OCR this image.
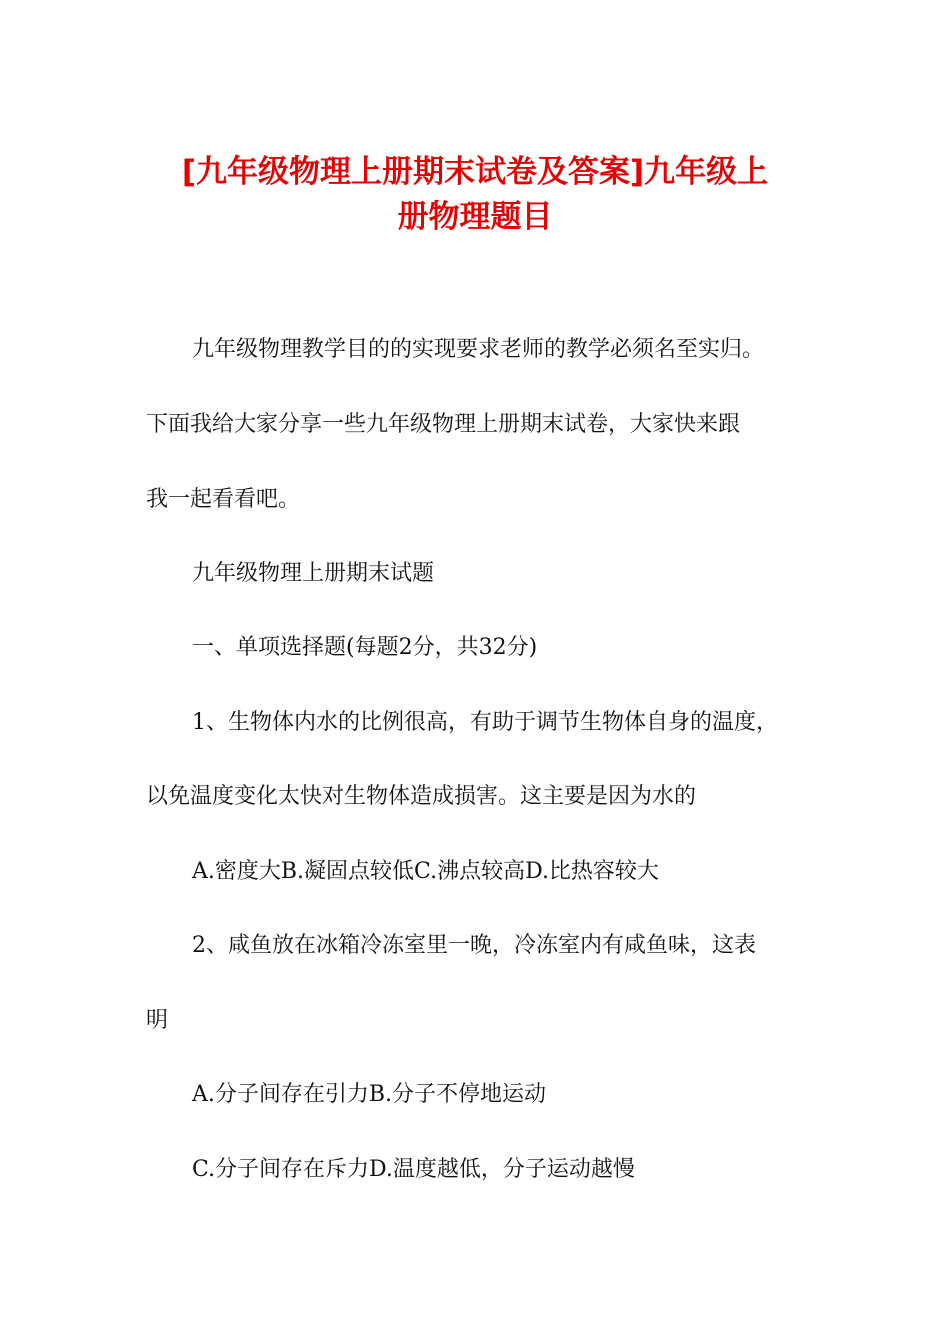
[九年级物理上册期末试卷及答案]九年级上
册物理题目

九年级物理教学目的的实现要求老师的教学必须名至实归。

下面我给大家分享一些九年级物理上册期末试卷，大家快来跟

我一起看看吧。

九年级物理上册期末试题

一、单项选择题(每题2分，共32分)

1、生物体内水的比例很高，有助于调节生物体自身的温度，

以免温度变化太快对生物体造成损害。这主要是因为水的

A.密度大B.凝固点较低C.沸点较高D.比热容较大

2、咸鱼放在冰箱冷冻室里一晚，冷冻室内有咸鱼味，这表

明

A.分子间存在引力B.分子不停地运动

C.分子间存在斥力D.温度越低，分子运动越慢
